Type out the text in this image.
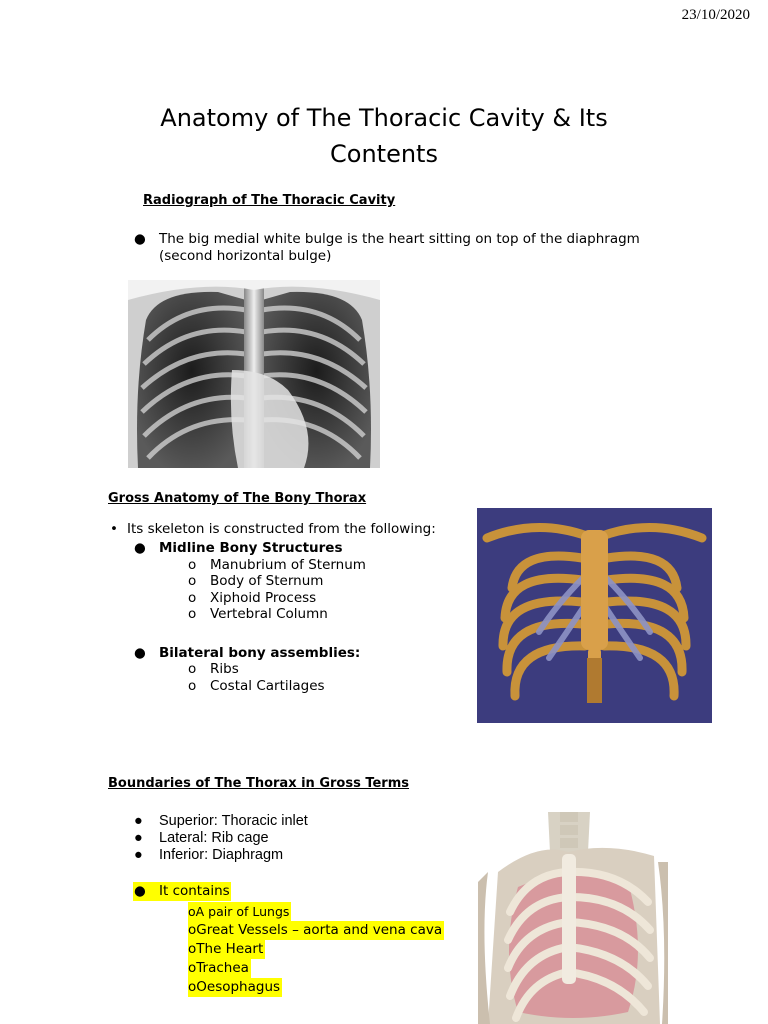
23/10/2020
Anatomy of The Thoracic Cavity & Its
Contents
Radiograph of The Thoracic Cavity
● The big medial white bulge is the heart sitting on top of the diaphragm
(second horizontal bulge)
Gross Anatomy of The Bony Thorax
• Its skeleton is constructed from the following:
● Midline Bony Structures
o Manubrium of Sternum
o Body of Sternum
o Xiphoid Process
o Vertebral Column
● Bilateral bony assemblies:
o Ribs
o Costal Cartilages
Boundaries of The Thorax in Gross Terms
● Superior: Thoracic inlet
● Lateral: Rib cage
● Inferior: Diaphragm
● It contains
oA pair of Lungs
oGreat Vessels – aorta and vena cava
oThe Heart
oTrachea
oOesophagus
